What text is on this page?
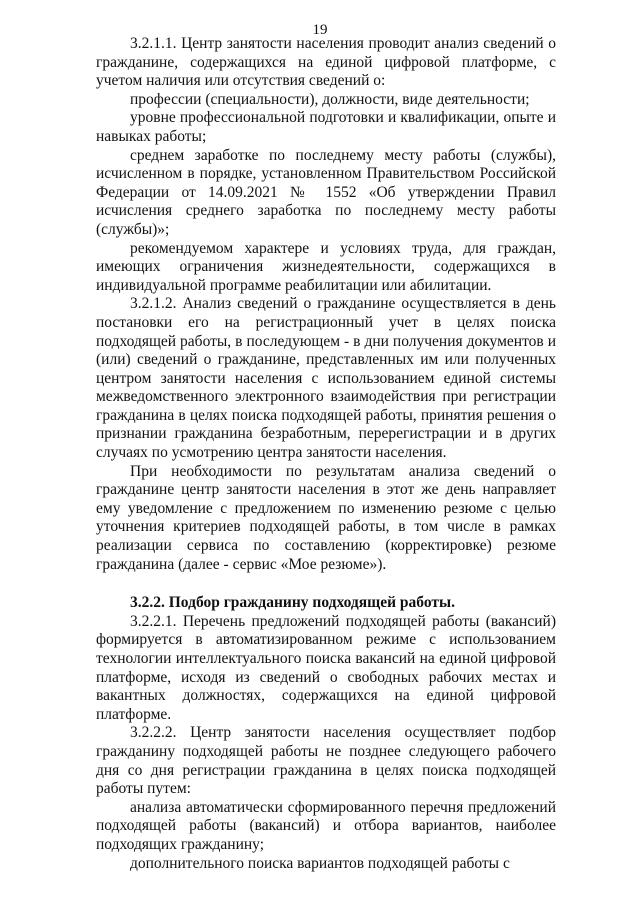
19

3.2.1.1. Центр занятости населения проводит анализ сведений о гражданине, содержащихся на единой цифровой платформе, с учетом наличия или отсутствия сведений о:

профессии (специальности), должности, виде деятельности;

уровне профессиональной подготовки и квалификации, опыте и навыках работы;

среднем заработке по последнему месту работы (службы), исчисленном в порядке, установленном Правительством Российской Федерации от 14.09.2021 № 1552 «Об утверждении Правил исчисления среднего заработка по последнему месту работы (службы)»;

рекомендуемом характере и условиях труда, для граждан, имеющих ограничения жизнедеятельности, содержащихся в индивидуальной программе реабилитации или абилитации.

3.2.1.2. Анализ сведений о гражданине осуществляется в день постановки его на регистрационный учет в целях поиска подходящей работы, в последующем - в дни получения документов и (или) сведений о гражданине, представленных им или полученных центром занятости населения с использованием единой системы межведомственного электронного взаимодействия при регистрации гражданина в целях поиска подходящей работы, принятия решения о признании гражданина безработным, перерегистрации и в других случаях по усмотрению центра занятости населения.

При необходимости по результатам анализа сведений о гражданине центр занятости населения в этот же день направляет ему уведомление с предложением по изменению резюме с целью уточнения критериев подходящей работы, в том числе в рамках реализации сервиса по составлению (корректировке) резюме гражданина (далее - сервис «Мое резюме»).

3.2.2. Подбор гражданину подходящей работы.

3.2.2.1. Перечень предложений подходящей работы (вакансий) формируется в автоматизированном режиме с использованием технологии интеллектуального поиска вакансий на единой цифровой платформе, исходя из сведений о свободных рабочих местах и вакантных должностях, содержащихся на единой цифровой платформе.

3.2.2.2. Центр занятости населения осуществляет подбор гражданину подходящей работы не позднее следующего рабочего дня со дня регистрации гражданина в целях поиска подходящей работы путем:

анализа автоматически сформированного перечня предложений подходящей работы (вакансий) и отбора вариантов, наиболее подходящих гражданину;

дополнительного поиска вариантов подходящей работы с
